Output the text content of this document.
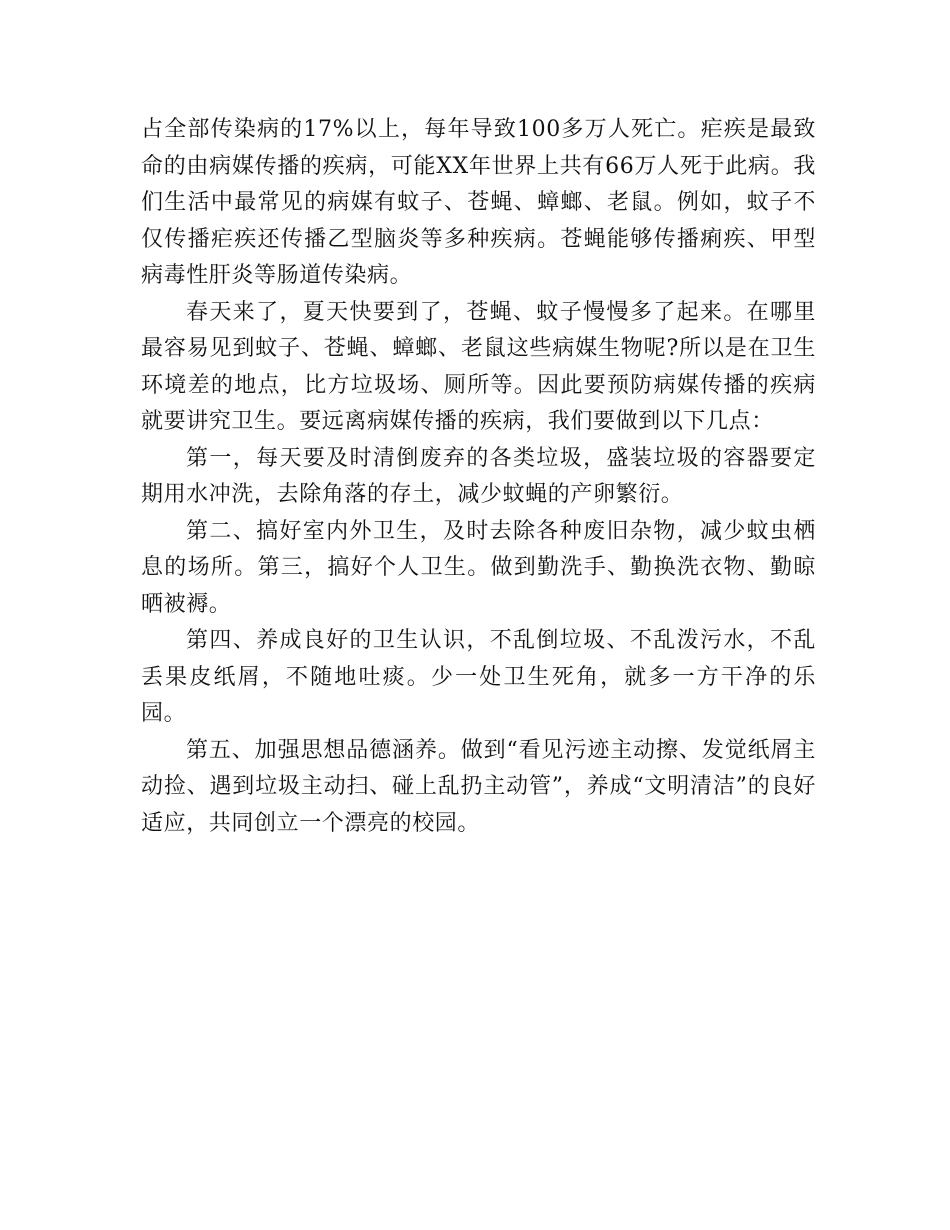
占全部传染病的17%以上，每年导致100多万人死亡。疟疾是最致命的由病媒传播的疾病，可能XX年世界上共有66万人死于此病。我们生活中最常见的病媒有蚊子、苍蝇、蟑螂、老鼠。例如，蚊子不仅传播疟疾还传播乙型脑炎等多种疾病。苍蝇能够传播痢疾、甲型病毒性肝炎等肠道传染病。

春天来了，夏天快要到了，苍蝇、蚊子慢慢多了起来。在哪里最容易见到蚊子、苍蝇、蟑螂、老鼠这些病媒生物呢?所以是在卫生环境差的地点，比方垃圾场、厕所等。因此要预防病媒传播的疾病就要讲究卫生。要远离病媒传播的疾病，我们要做到以下几点：

第一，每天要及时清倒废弃的各类垃圾，盛装垃圾的容器要定期用水冲洗，去除角落的存土，减少蚊蝇的产卵繁衍。

第二、搞好室内外卫生，及时去除各种废旧杂物，减少蚊虫栖息的场所。第三，搞好个人卫生。做到勤洗手、勤换洗衣物、勤晾晒被褥。

第四、养成良好的卫生认识，不乱倒垃圾、不乱泼污水，不乱丢果皮纸屑，不随地吐痰。少一处卫生死角，就多一方干净的乐园。

第五、加强思想品德涵养。做到“看见污迹主动擦、发觉纸屑主动捡、遇到垃圾主动扫、碰上乱扔主动管”，养成“文明清洁”的良好适应，共同创立一个漂亮的校园。
